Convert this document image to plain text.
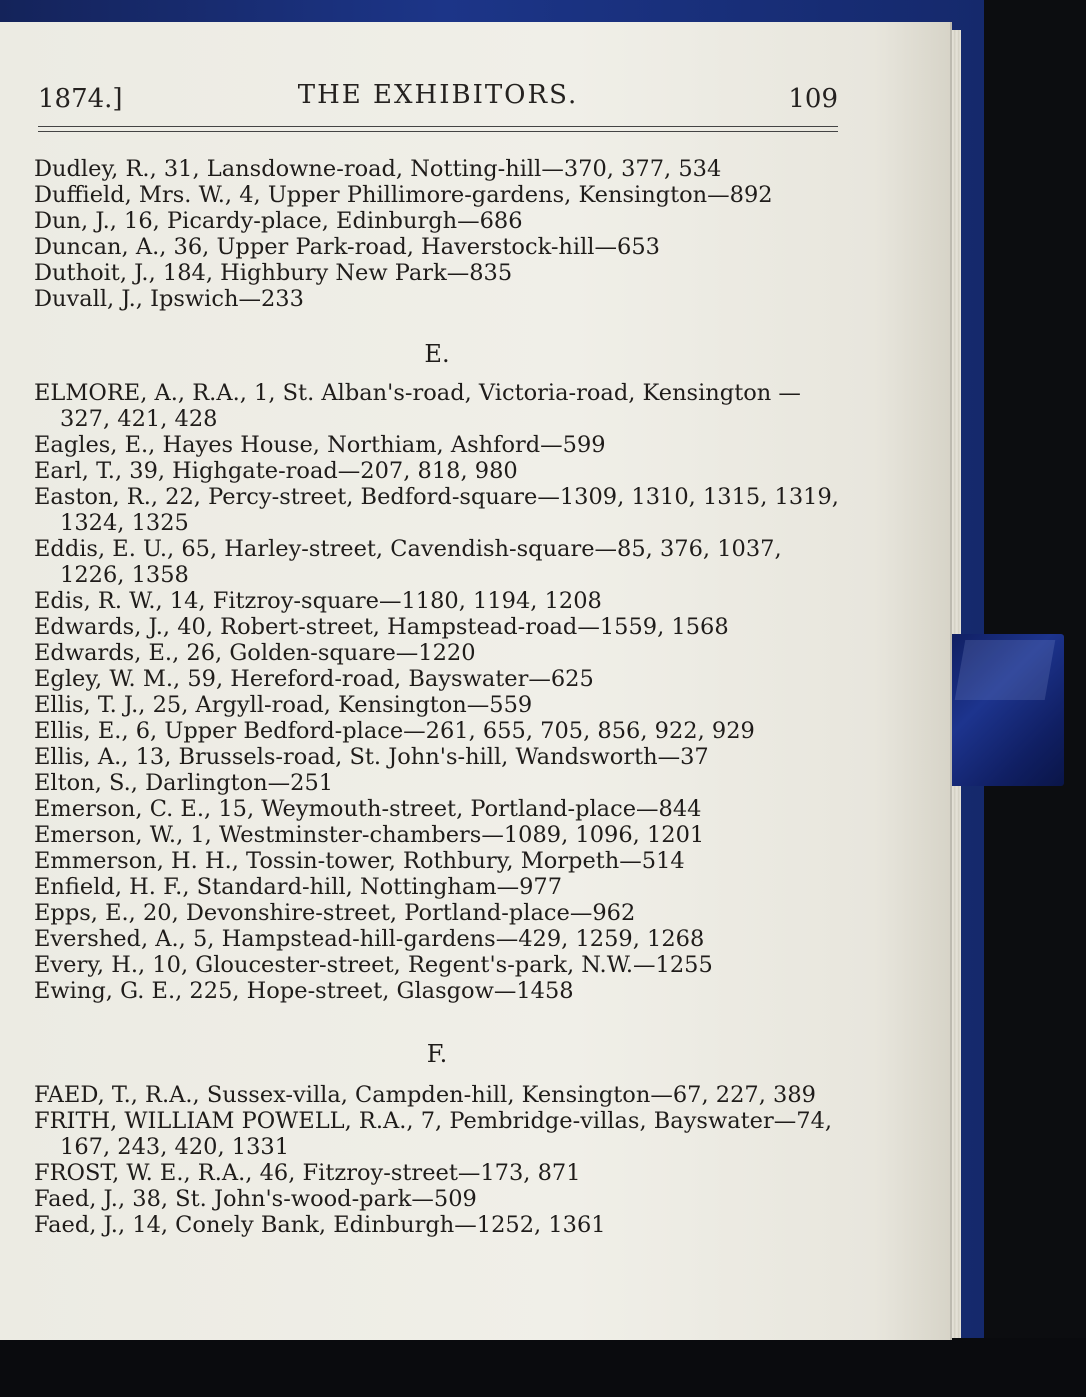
1874.]	THE EXHIBITORS.	109
Dudley, R., 31, Lansdowne-road, Notting-hill—370, 377, 534
Duffield, Mrs. W., 4, Upper Phillimore-gardens, Kensington—892
Dun, J., 16, Picardy-place, Edinburgh—686
Duncan, A., 36, Upper Park-road, Haverstock-hill—653
Duthoit, J., 184, Highbury New Park—835
Duvall, J., Ipswich—233
E.
ELMORE, A., R.A., 1, St. Alban's-road, Victoria-road, Kensington —327, 421, 428
Eagles, E., Hayes House, Northiam, Ashford—599
Earl, T., 39, Highgate-road—207, 818, 980
Easton, R., 22, Percy-street, Bedford-square—1309, 1310, 1315, 1319, 1324, 1325
Eddis, E. U., 65, Harley-street, Cavendish-square—85, 376, 1037, 1226, 1358
Edis, R. W., 14, Fitzroy-square—1180, 1194, 1208
Edwards, J., 40, Robert-street, Hampstead-road—1559, 1568
Edwards, E., 26, Golden-square—1220
Egley, W. M., 59, Hereford-road, Bayswater—625
Ellis, T. J., 25, Argyll-road, Kensington—559
Ellis, E., 6, Upper Bedford-place—261, 655, 705, 856, 922, 929
Ellis, A., 13, Brussels-road, St. John's-hill, Wandsworth—37
Elton, S., Darlington—251
Emerson, C. E., 15, Weymouth-street, Portland-place—844
Emerson, W., 1, Westminster-chambers—1089, 1096, 1201
Emmerson, H. H., Tossin-tower, Rothbury, Morpeth—514
Enfield, H. F., Standard-hill, Nottingham—977
Epps, E., 20, Devonshire-street, Portland-place—962
Evershed, A., 5, Hampstead-hill-gardens—429, 1259, 1268
Every, H., 10, Gloucester-street, Regent's-park, N.W.—1255
Ewing, G. E., 225, Hope-street, Glasgow—1458
F.
FAED, T., R.A., Sussex-villa, Campden-hill, Kensington—67, 227, 389
FRITH, WILLIAM POWELL, R.A., 7, Pembridge-villas, Bayswater—74, 167, 243, 420, 1331
FROST, W. E., R.A., 46, Fitzroy-street—173, 871
Faed, J., 38, St. John's-wood-park—509
Faed, J., 14, Conely Bank, Edinburgh—1252, 1361
